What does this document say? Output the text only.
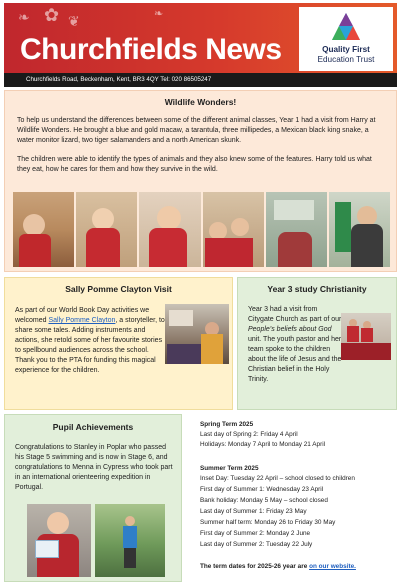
❧ ✿ ❦	❧
Churchfields News	Quality First
Education Trust
Churchfields Road, Beckenham, Kent, BR3 4QY Tel: 020 86505247
Wildlife Wonders!

To help us understand the differences between some of the different animal classes, Year 1 had a visit from Harry at Wildlife Wonders. He brought a blue and gold macaw, a tarantula, three millipedes, a Mexican black king snake, a water monitor lizard, two tiger salamanders and a north American skunk.

The children were able to identify the types of animals and they also knew some of the features. Harry told us what they eat, how he cares for them and how they survive in the wild.

Sally Pomme Clayton Visit

As part of our World Book Day activities we welcomed Sally Pomme Clayton, a storyteller, to share some tales. Adding instruments and actions, she retold some of her favourite stories to spellbound audiences across the school. Thank you to the PTA for funding this magical experience for the children.

Year 3 study Christianity

Year 3 had a visit from Citygate Church as part of our People’s beliefs about God unit. The youth pastor and her team spoke to the children about the life of Jesus and the Christian belief in the Holy Trinity.

Pupil Achievements

Congratulations to Stanley in Poplar who passed his Stage 5 swimming and is now in Stage 6, and congratulations to Menna in Cypress who took part in an international orienteering expedition in Portugal.

Spring Term 2025
Last day of Spring 2: Friday 4 April
Holidays: Monday 7 April to Monday 21 April
Summer Term 2025
Inset Day: Tuesday 22 April – school closed to children
First day of Summer 1: Wednesday 23 April
Bank holiday: Monday 5 May – school closed
Last day of Summer 1: Friday 23 May
Summer half term: Monday 26 to Friday 30 May
First day of Summer 2: Monday 2 June
Last day of Summer 2: Tuesday 22 July
The term dates for 2025-26 year are on our website.
